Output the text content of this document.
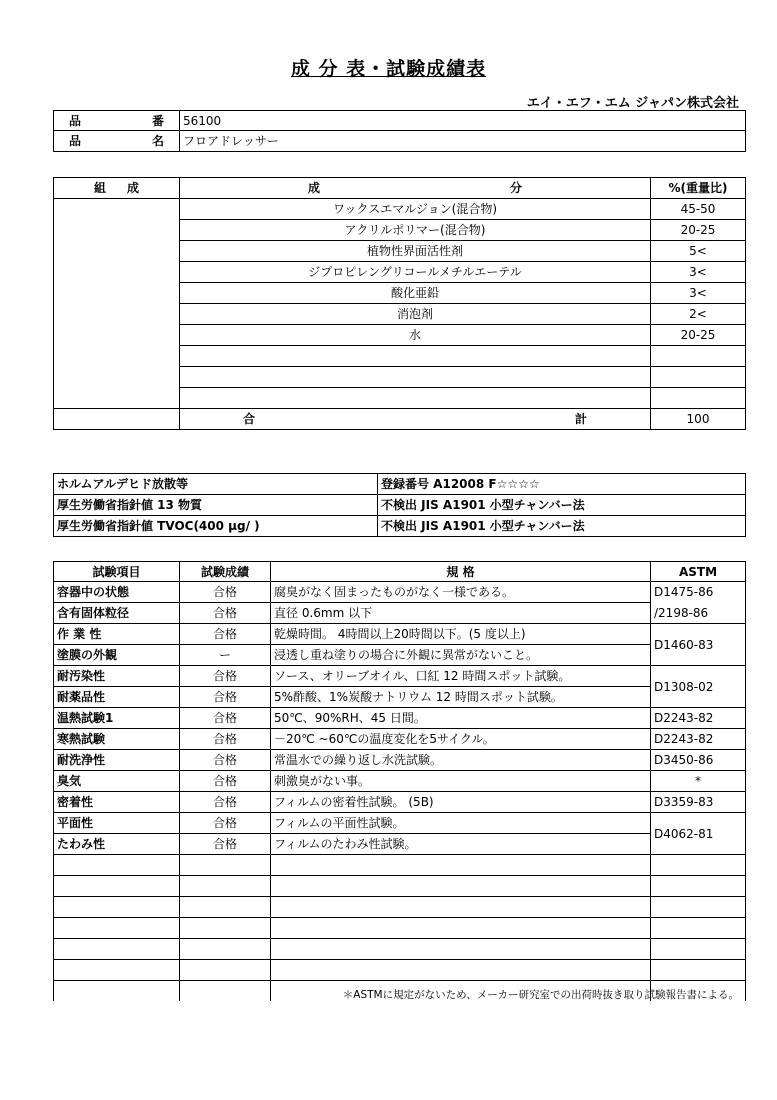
成 分 表・試験成績表
エイ・エフ・エム ジャパン株式会社
品 番	56100

品 名	フロアドレッサー
組 成	成 分	%(重量比)
	ワックスエマルジョン(混合物)	45-50
	アクリルポリマー(混合物)	20-25
	植物性界面活性剤	5<
	ジプロピレングリコールメチルエーテル	3<
	酸化亜鉛	3<
	消泡剤	2<
	水	20-25

	合 計	100
ホルムアルデヒド放散等	登録番号 A12008 F☆☆☆☆
厚生労働省指針値 13 物質	不検出 JIS A1901 小型チャンバー法
厚生労働省指針値 TVOC(400 μg/ )	不検出 JIS A1901 小型チャンバー法
試験項目	試験成績	規 格	ASTM
容器中の状態	合格	腐臭がなく固まったものがなく一様である。	D1475-86
含有固体粒径	合格	直径 0.6mm 以下	/2198-86
作 業 性	合格	乾燥時間。 4時間以上20時間以下。(5 度以上)	D1460-83
塗膜の外観	ー	浸透し重ね塗りの場合に外観に異常がないこと。	
耐汚染性	合格	ソース、オリーブオイル、口紅 12 時間スポット試験。	D1308-02
耐薬品性	合格	5%酢酸、1%炭酸ナトリウム 12 時間スポット試験。	
温熱試験1	合格	50℃、90%RH、45 日間。	D2243-82
寒熱試験	合格	－20℃ ~60℃の温度変化を5サイクル。	D2243-82
耐洗浄性	合格	常温水での繰り返し水洗試験。	D3450-86
臭気	合格	刺激臭がない事。	*
密着性	合格	フィルムの密着性試験。 (5B)	D3359-83
平面性	合格	フィルムの平面性試験。	D4062-81
たわみ性	合格	フィルムのたわみ性試験。	

＊ASTMに規定がないため、メーカー研究室での出荷時抜き取り試験報告書による。
